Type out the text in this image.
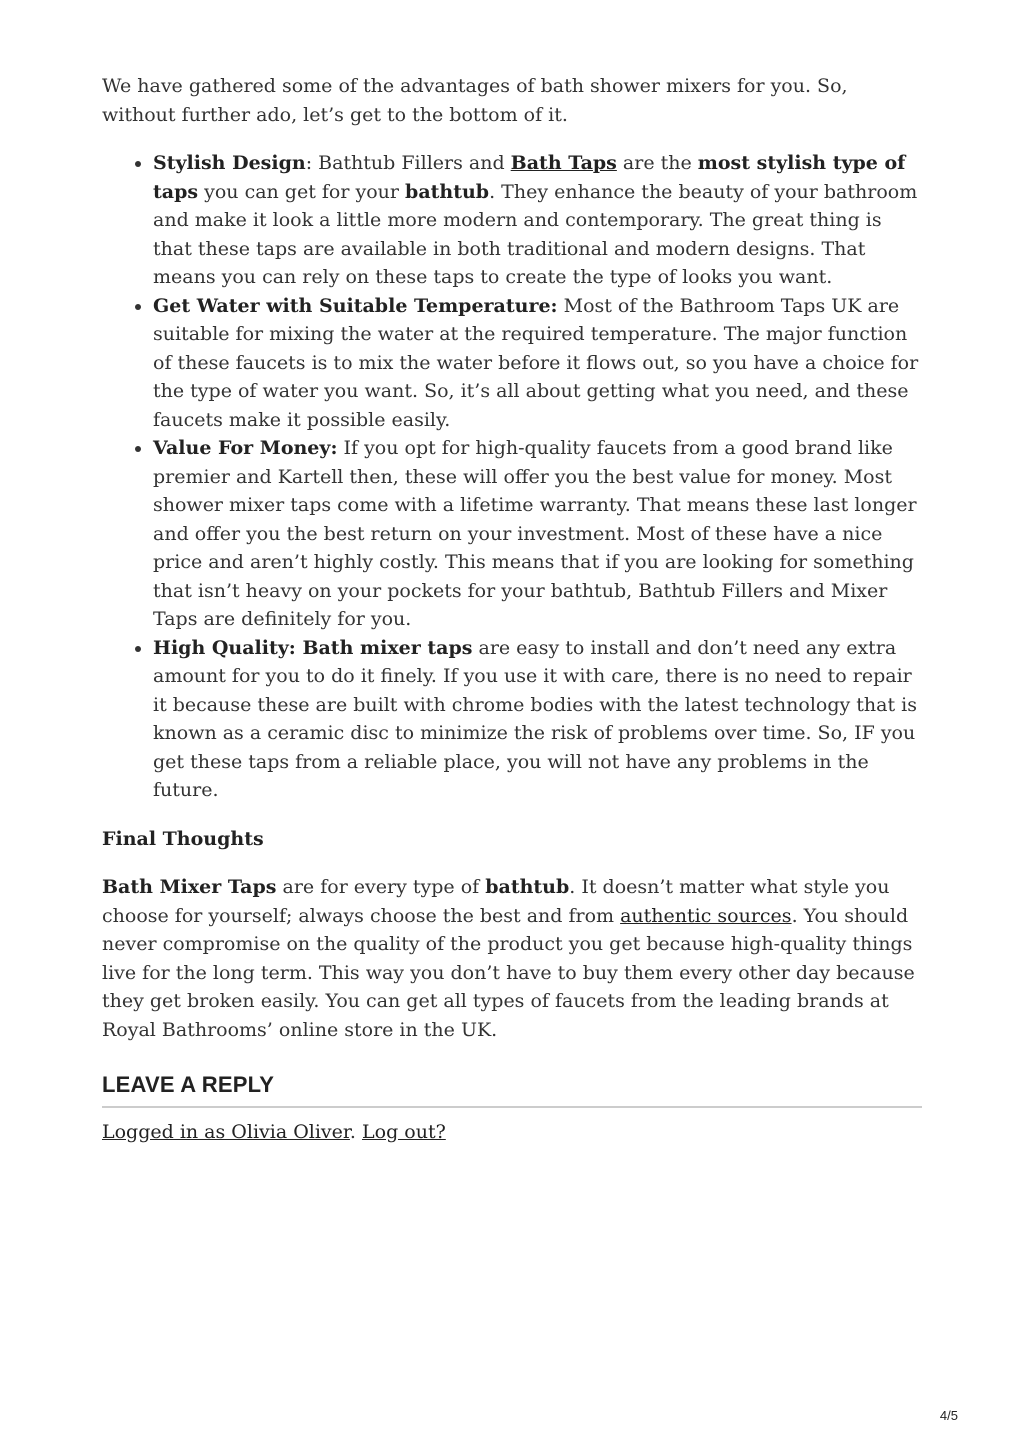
We have gathered some of the advantages of bath shower mixers for you. So, without further ado, let’s get to the bottom of it.

• Stylish Design: Bathtub Fillers and Bath Taps are the most stylish type of taps you can get for your bathtub. They enhance the beauty of your bathroom and make it look a little more modern and contemporary. The great thing is that these taps are available in both traditional and modern designs. That means you can rely on these taps to create the type of looks you want.
• Get Water with Suitable Temperature: Most of the Bathroom Taps UK are suitable for mixing the water at the required temperature. The major function of these faucets is to mix the water before it flows out, so you have a choice for the type of water you want. So, it’s all about getting what you need, and these faucets make it possible easily.
• Value For Money: If you opt for high-quality faucets from a good brand like premier and Kartell then, these will offer you the best value for money. Most shower mixer taps come with a lifetime warranty. That means these last longer and offer you the best return on your investment. Most of these have a nice price and aren’t highly costly. This means that if you are looking for something that isn’t heavy on your pockets for your bathtub, Bathtub Fillers and Mixer Taps are definitely for you.
• High Quality: Bath mixer taps are easy to install and don’t need any extra amount for you to do it finely. If you use it with care, there is no need to repair it because these are built with chrome bodies with the latest technology that is known as a ceramic disc to minimize the risk of problems over time. So, IF you get these taps from a reliable place, you will not have any problems in the future.

Final Thoughts

Bath Mixer Taps are for every type of bathtub. It doesn’t matter what style you choose for yourself; always choose the best and from authentic sources. You should never compromise on the quality of the product you get because high-quality things live for the long term. This way you don’t have to buy them every other day because they get broken easily. You can get all types of faucets from the leading brands at Royal Bathrooms’ online store in the UK.

LEAVE A REPLY

Logged in as Olivia Oliver. Log out?

4/5
